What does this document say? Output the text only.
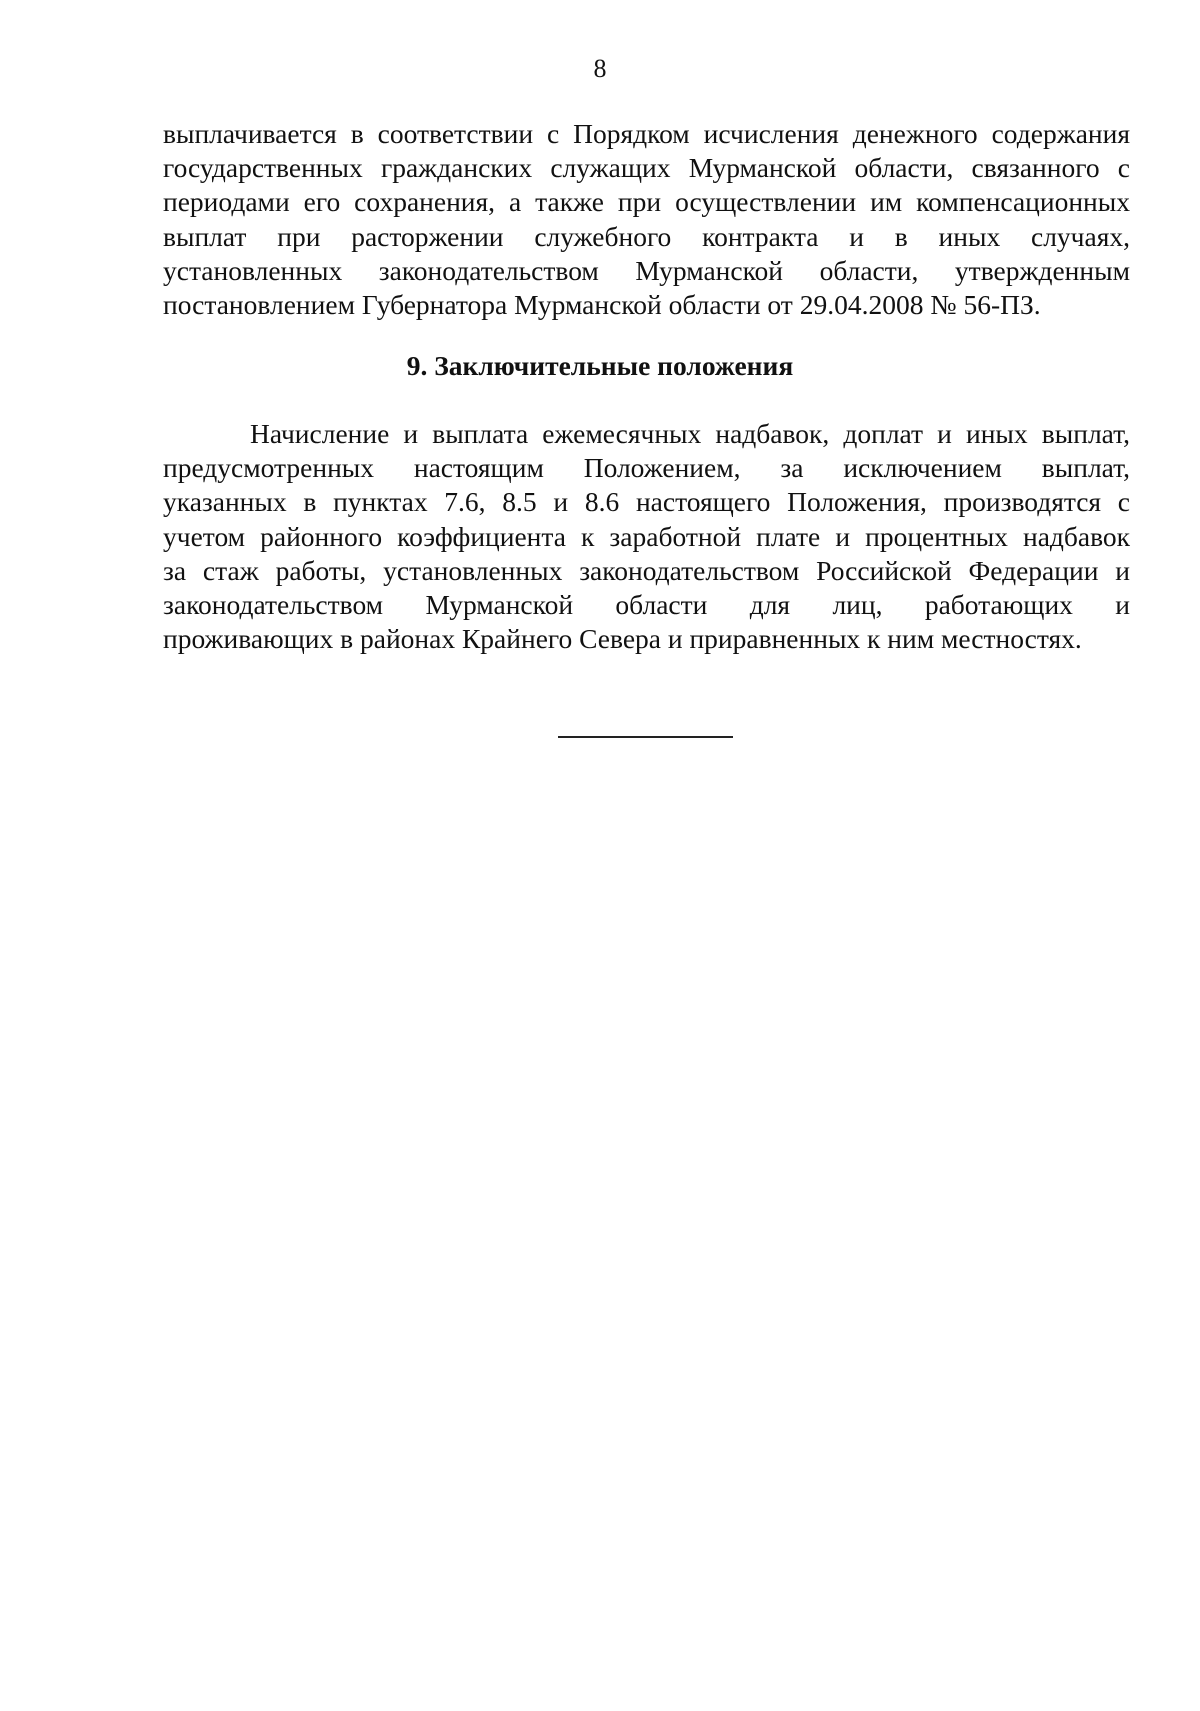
8
выплачивается в соответствии с Порядком исчисления денежного содержания
государственных гражданских служащих Мурманской области, связанного с
периодами его сохранения, а также при осуществлении им компенсационных
выплат при расторжении служебного контракта и в иных случаях,
установленных законодательством Мурманской области, утвержденным
постановлением Губернатора Мурманской области от 29.04.2008 № 56-ПЗ.
9. Заключительные положения
Начисление и выплата ежемесячных надбавок, доплат и иных выплат,
предусмотренных настоящим Положением, за исключением выплат,
указанных в пунктах 7.6, 8.5 и 8.6 настоящего Положения, производятся с
учетом районного коэффициента к заработной плате и процентных надбавок
за стаж работы, установленных законодательством Российской Федерации и
законодательством Мурманской области для лиц, работающих и
проживающих в районах Крайнего Севера и приравненных к ним местностях.
